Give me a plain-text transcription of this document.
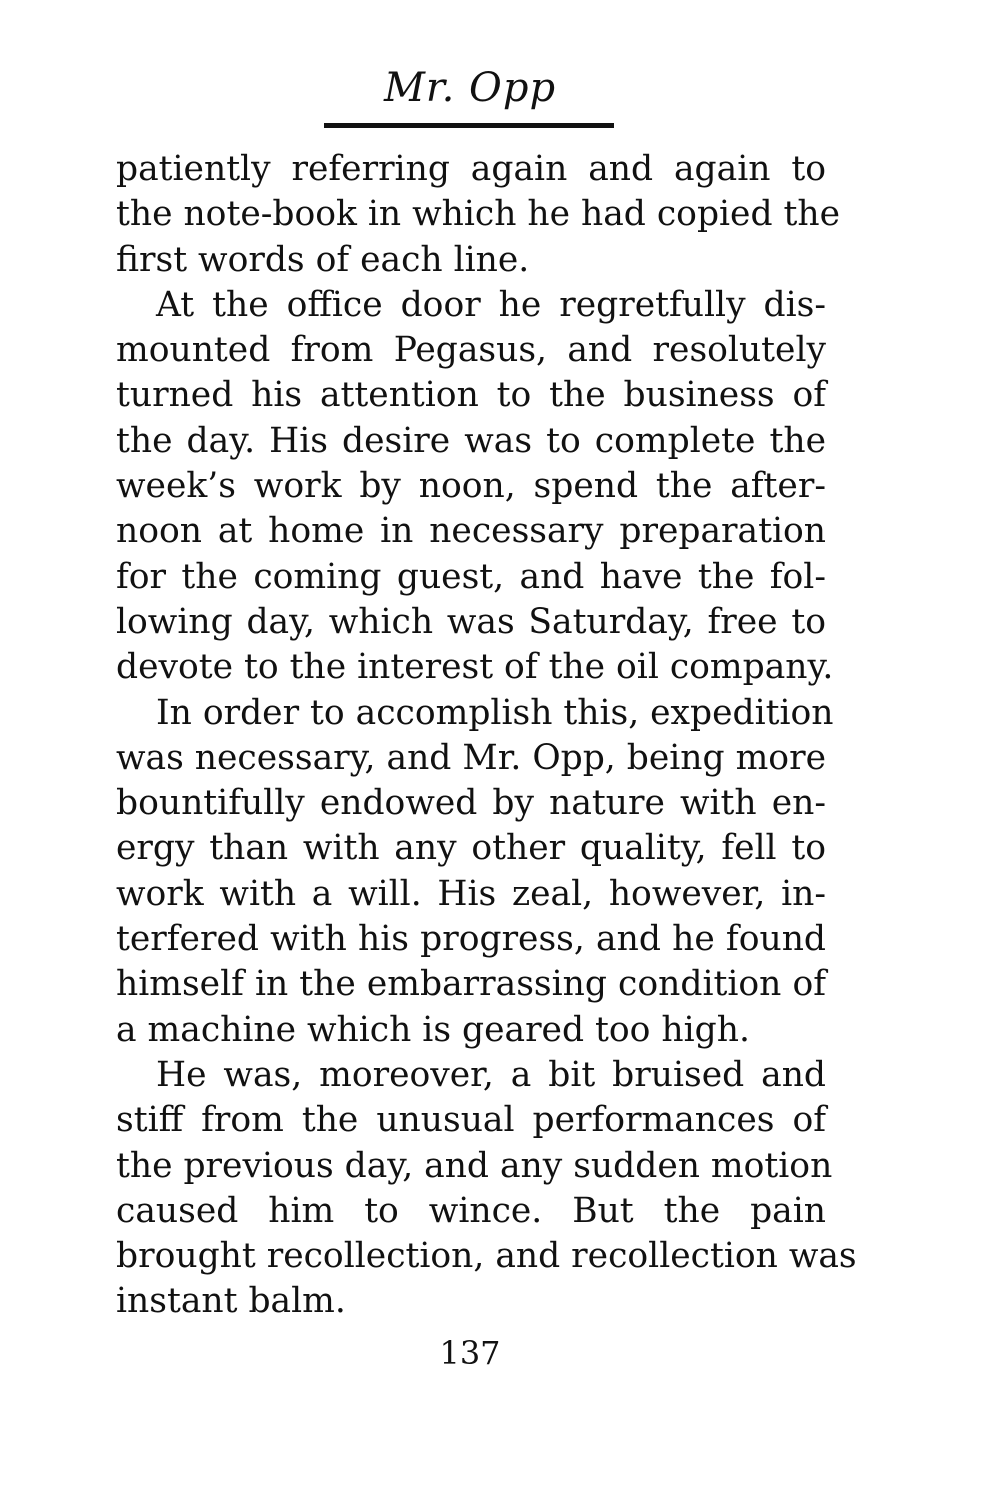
Mr. Opp
patiently referring again and again to
the note-book in which he had copied the
first words of each line.
At the office door he regretfully dis-
mounted from Pegasus, and resolutely
turned his attention to the business of
the day. His desire was to complete the
week’s work by noon, spend the after-
noon at home in necessary preparation
for the coming guest, and have the fol-
lowing day, which was Saturday, free to
devote to the interest of the oil company.
In order to accomplish this, expedition
was necessary, and Mr. Opp, being more
bountifully endowed by nature with en-
ergy than with any other quality, fell to
work with a will. His zeal, however, in-
terfered with his progress, and he found
himself in the embarrassing condition of
a machine which is geared too high.
He was, moreover, a bit bruised and
stiff from the unusual performances of
the previous day, and any sudden motion
caused him to wince. But the pain
brought recollection, and recollection was
instant balm.
137
